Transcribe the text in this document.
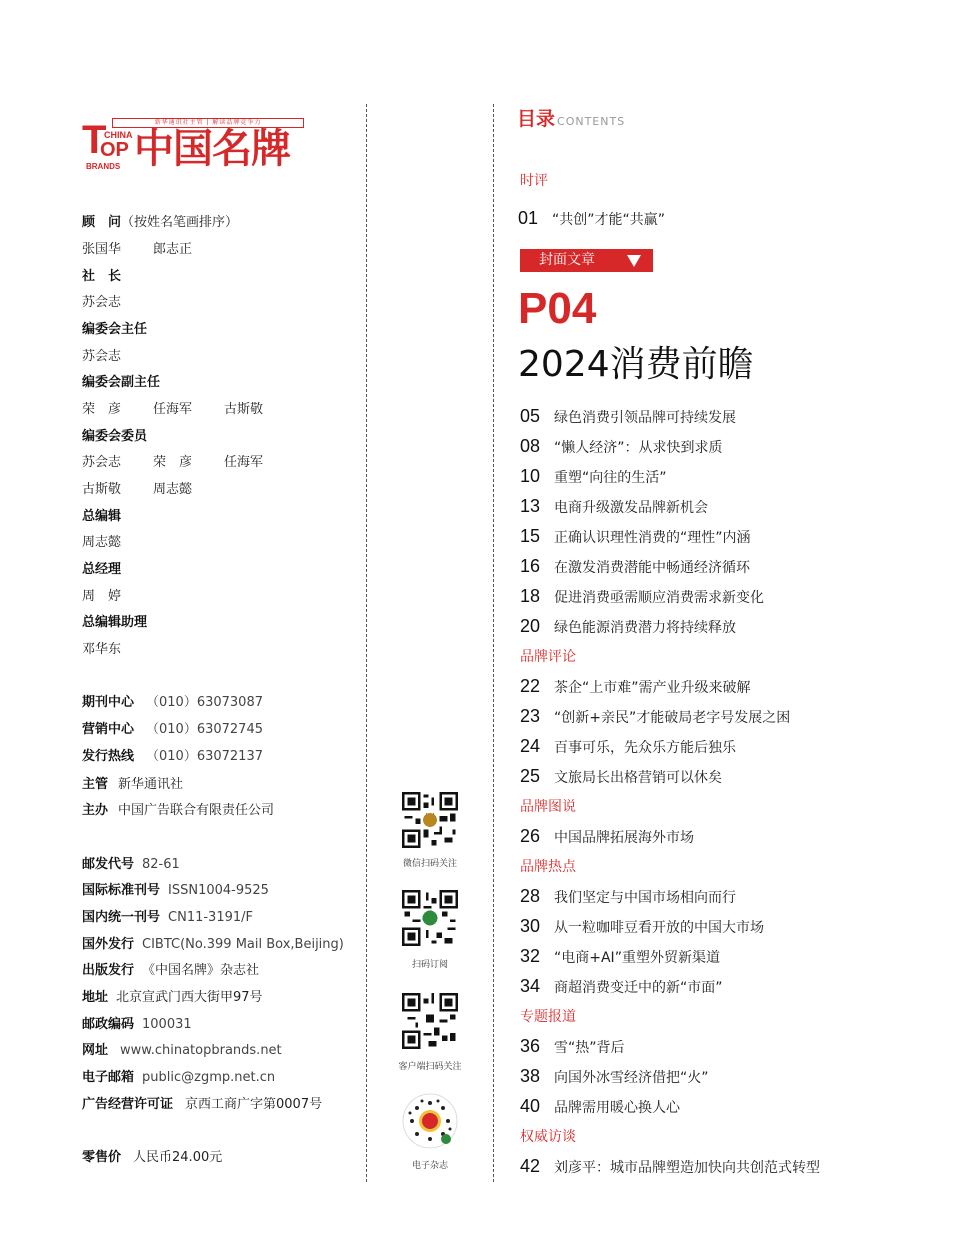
新华通讯社主管 | 解读品牌竞争力
T
CHINA
OP
BRANDS 中国名牌
顾　问（按姓名笔画排序）
张国华 郎志正
社　长
苏会志
编委会主任
苏会志
编委会副主任
荣　彦 任海军 古斯敬
编委会委员
苏会志 荣　彦 任海军
古斯敬 周志懿
总编辑
周志懿
总经理
周　婷
总编辑助理
邓华东
期刊中心 （010）63073087
营销中心 （010）63072745
发行热线 （010）63072137
主管 新华通讯社
主办 中国广告联合有限责任公司
邮发代号 82-61
国际标准刊号 ISSN1004-9525
国内统一刊号 CN11-3191/F
国外发行 CIBTC(No.399 Mail Box,Beijing)
出版发行 《中国名牌》杂志社
地址 北京宣武门西大街甲97号
邮政编码 100031
网址 www.chinatopbrands.net
电子邮箱 public@zgmp.net.cn
广告经营许可证 京西工商广字第0007号
零售价 人民币24.00元
微信扫码关注
扫码订阅
客户端扫码关注
电子杂志
目录 CONTENTS
时评
01 “共创”才能“共赢”
封面文章
P04
2024消费前瞻
05 绿色消费引领品牌可持续发展
08 “懒人经济”：从求快到求质
10 重塑“向往的生活”
13 电商升级激发品牌新机会
15 正确认识理性消费的“理性”内涵
16 在激发消费潜能中畅通经济循环
18 促进消费亟需顺应消费需求新变化
20 绿色能源消费潜力将持续释放
品牌评论
22 茶企“上市难”需产业升级来破解
23 “创新+亲民”才能破局老字号发展之困
24 百事可乐，先众乐方能后独乐
25 文旅局长出格营销可以休矣
品牌图说
26 中国品牌拓展海外市场
品牌热点
28 我们坚定与中国市场相向而行
30 从一粒咖啡豆看开放的中国大市场
32 “电商+AI”重塑外贸新渠道
34 商超消费变迁中的新“市面”
专题报道
36 雪“热”背后
38 向国外冰雪经济借把“火”
40 品牌需用暖心换人心
权威访谈
42 刘彦平：城市品牌塑造加快向共创范式转型
